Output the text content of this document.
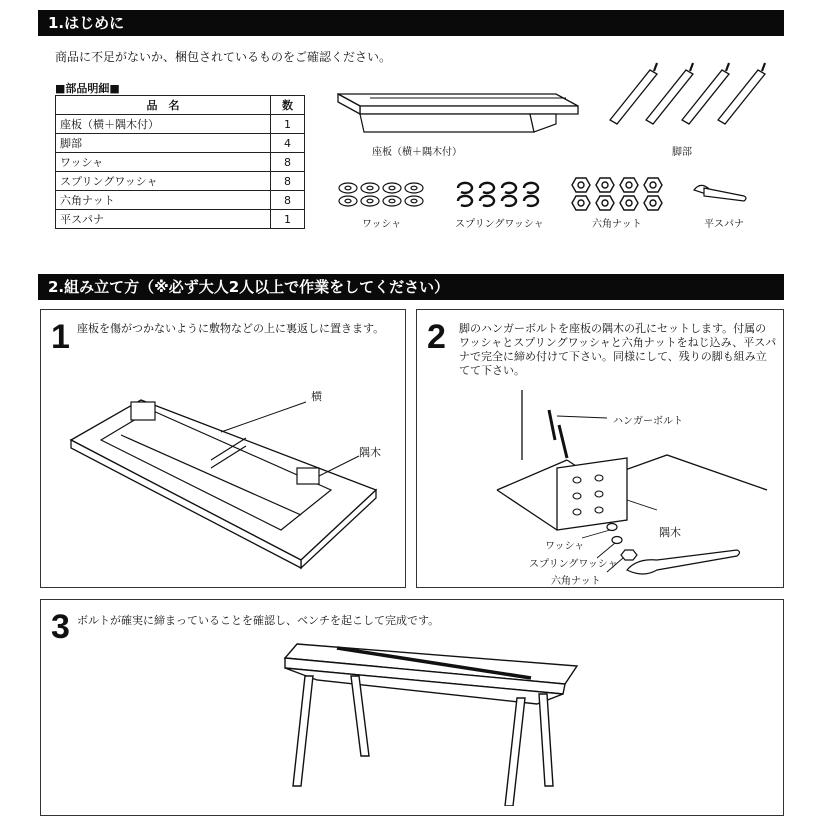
1.はじめに
商品に不足がないか、梱包されているものをご確認ください。
■部品明細■
品　名	数
座板（横＋隅木付）	1
脚部	4
ワッシャ	8
スプリングワッシャ	8
六角ナット	8
平スパナ	1
座板（横＋隅木付）	脚部
ワッシャ	スプリングワッシャ	六角ナット	平スパナ
2.組み立て方（※必ず大人2人以上で作業をしてください）
1 座板を傷がつかないように敷物などの上に裏返しに置きます。
横
隅木
2 脚のハンガーボルトを座板の隅木の孔にセットします。付属のワッシャとスプリングワッシャと六角ナットをねじ込み、平スパナで完全に締め付けて下さい。同様にして、残りの脚も組み立てて下さい。
ハンガーボルト
隅木
ワッシャ
スプリングワッシャ
六角ナット
3 ボルトが確実に締まっていることを確認し、ベンチを起こして完成です。
